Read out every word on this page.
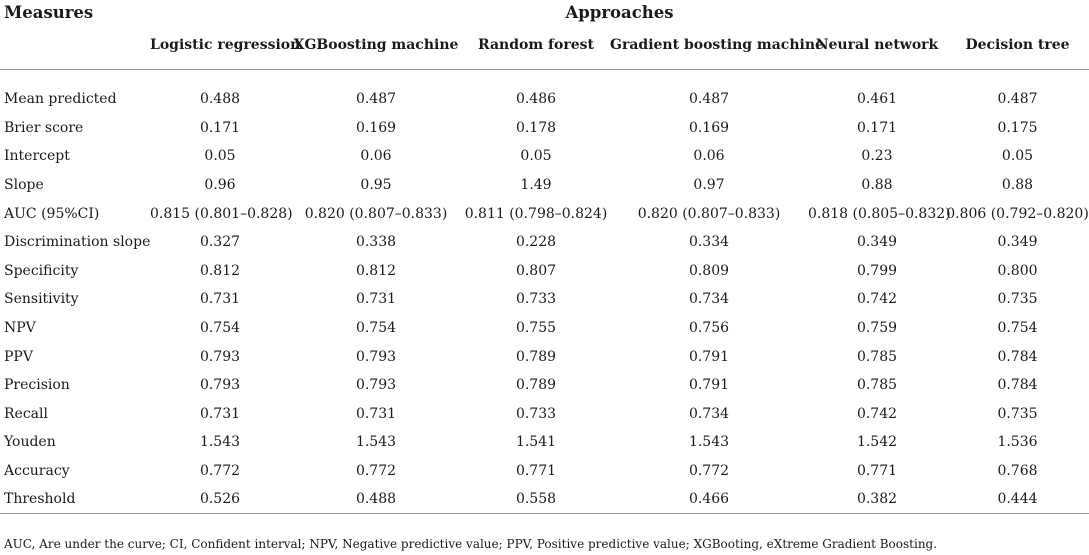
Measures	Approaches					
	Logistic regression	XGBoosting machine	Random forest	Gradient boosting machine	Neural network	Decision tree

Mean predicted	0.488	0.487	0.486	0.487	0.461	0.487
Brier score	0.171	0.169	0.178	0.169	0.171	0.175
Intercept	0.05	0.06	0.05	0.06	0.23	0.05
Slope	0.96	0.95	1.49	0.97	0.88	0.88
AUC (95%CI)	0.815 (0.801–0.828)	0.820 (0.807–0.833)	0.811 (0.798–0.824)	0.820 (0.807–0.833)	0.818 (0.805–0.832)	0.806 (0.792–0.820)
Discrimination slope	0.327	0.338	0.228	0.334	0.349	0.349
Specificity	0.812	0.812	0.807	0.809	0.799	0.800
Sensitivity	0.731	0.731	0.733	0.734	0.742	0.735
NPV	0.754	0.754	0.755	0.756	0.759	0.754
PPV	0.793	0.793	0.789	0.791	0.785	0.784
Precision	0.793	0.793	0.789	0.791	0.785	0.784
Recall	0.731	0.731	0.733	0.734	0.742	0.735
Youden	1.543	1.543	1.541	1.543	1.542	1.536
Accuracy	0.772	0.772	0.771	0.772	0.771	0.768
Threshold	0.526	0.488	0.558	0.466	0.382	0.444
AUC, Are under the curve; CI, Confident interval; NPV, Negative predictive value; PPV, Positive predictive value; XGBooting, eXtreme Gradient Boosting.
